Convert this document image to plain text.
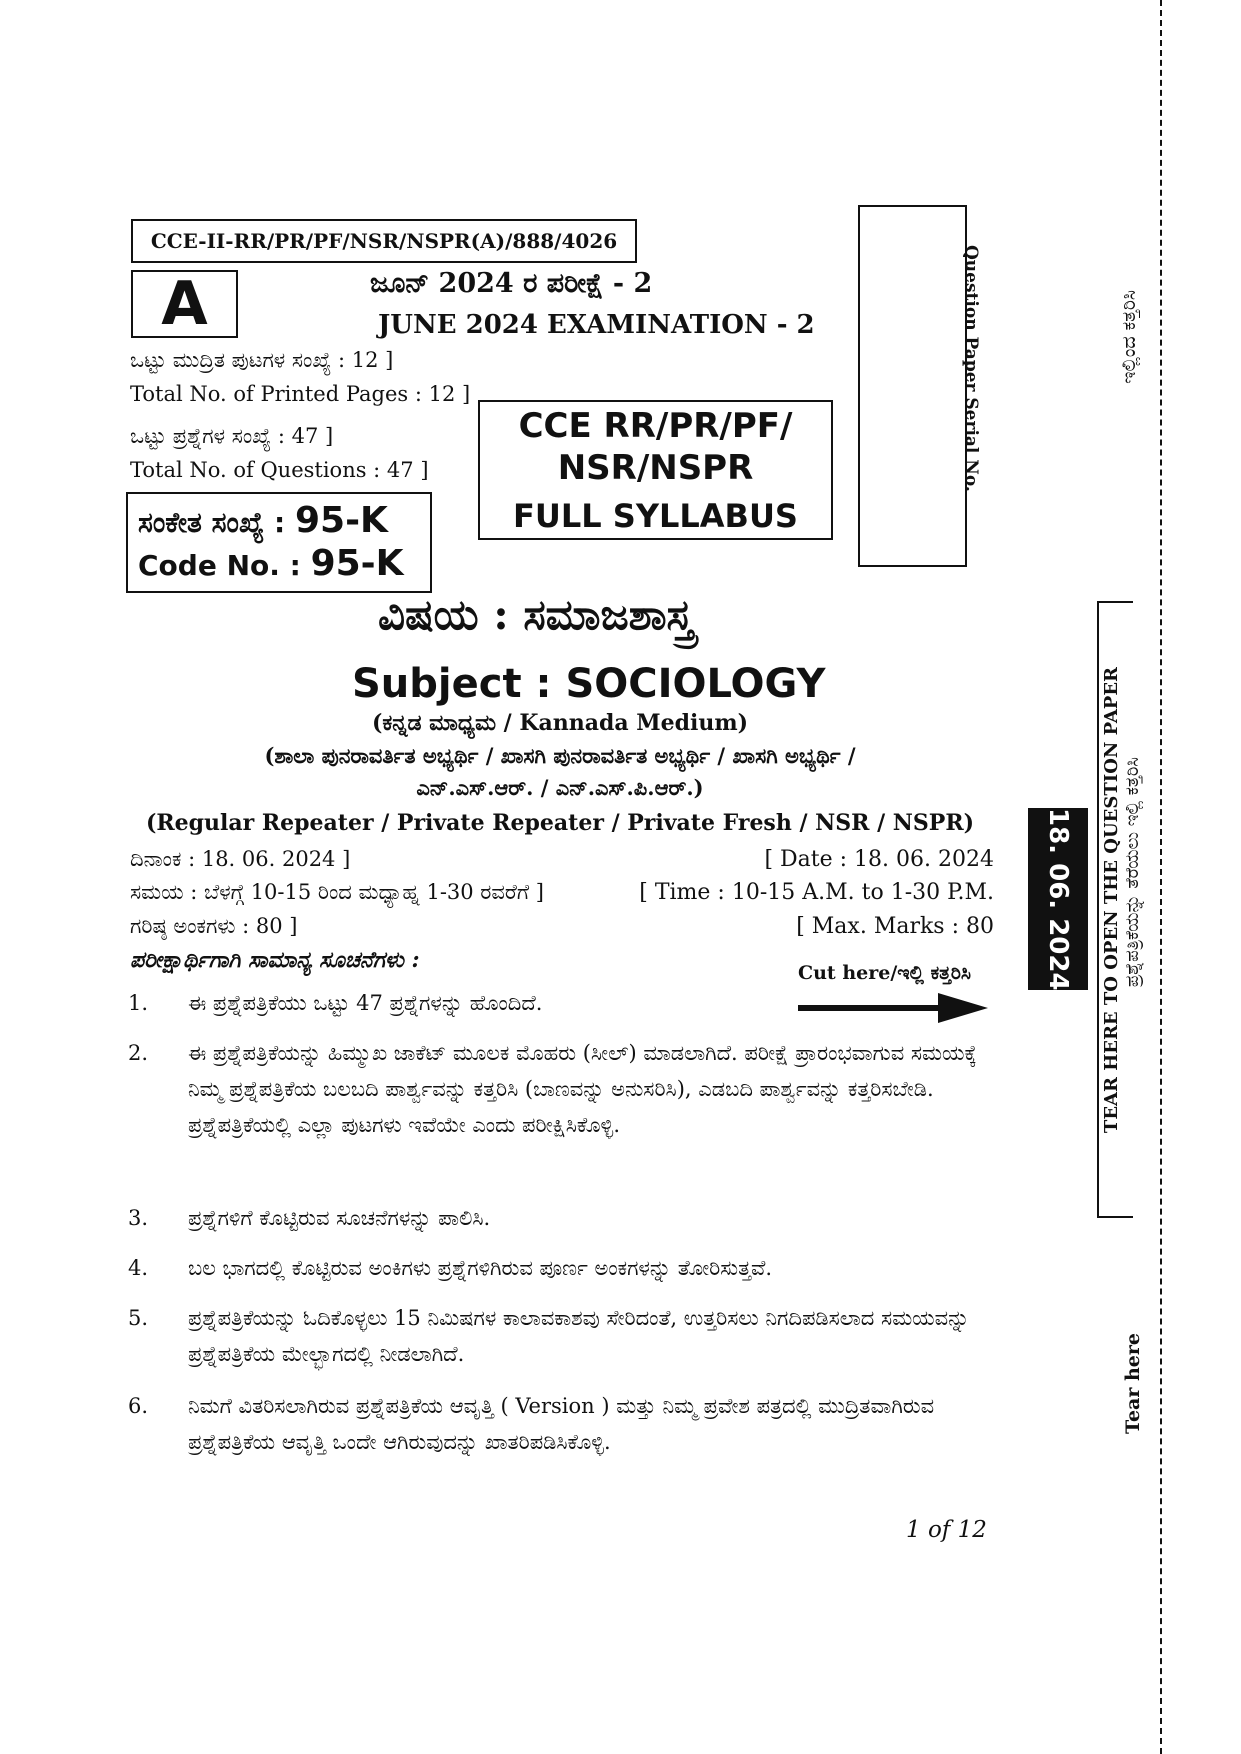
CCE-II-RR/PR/PF/NSR/NSPR(A)/888/4026
A	ಜೂನ್ 2024 ರ ಪರೀಕ್ಷೆ - 2
JUNE 2024 EXAMINATION - 2
ಒಟ್ಟು ಮುದ್ರಿತ ಪುಟಗಳ ಸಂಖ್ಯೆ : 12 ]
Total No. of Printed Pages : 12 ]
ಒಟ್ಟು ಪ್ರಶ್ನೆಗಳ ಸಂಖ್ಯೆ : 47 ]
Total No. of Questions : 47 ]
CCE RR/PR/PF/
NSR/NSPR
FULL SYLLABUS
ಸಂಕೇತ ಸಂಖ್ಯೆ : 95-K
Code No. : 95-K
Question Paper Serial No.	ಇಲ್ಲಿಂದ ಕತ್ತರಿಸಿ
TEAR HERE TO OPEN THE QUESTION PAPER ಪ್ರಶ್ನೆಪತ್ರಿಕೆಯನ್ನು ತೆರೆಯಲು ಇಲ್ಲಿ ಕತ್ತರಿಸಿ
18. 06. 2024
Tear here
ವಿಷಯ : ಸಮಾಜಶಾಸ್ತ್ರ
Subject : SOCIOLOGY
(ಕನ್ನಡ ಮಾಧ್ಯಮ / Kannada Medium)
(ಶಾಲಾ ಪುನರಾವರ್ತಿತ ಅಭ್ಯರ್ಥಿ / ಖಾಸಗಿ ಪುನರಾವರ್ತಿತ ಅಭ್ಯರ್ಥಿ / ಖಾಸಗಿ ಅಭ್ಯರ್ಥಿ /
ಎನ್.ಎಸ್.ಆರ್. / ಎನ್.ಎಸ್.ಪಿ.ಆರ್.)
(Regular Repeater / Private Repeater / Private Fresh / NSR / NSPR)
ದಿನಾಂಕ : 18. 06. 2024 ]	[ Date : 18. 06. 2024
ಸಮಯ : ಬೆಳಗ್ಗೆ 10-15 ರಿಂದ ಮಧ್ಯಾಹ್ನ 1-30 ರವರೆಗೆ ]	[ Time : 10-15 A.M. to 1-30 P.M.
ಗರಿಷ್ಠ ಅಂಕಗಳು : 80 ]	[ Max. Marks : 80
ಪರೀಕ್ಷಾರ್ಥಿಗಾಗಿ ಸಾಮಾನ್ಯ ಸೂಚನೆಗಳು :	Cut here/ಇಲ್ಲಿ ಕತ್ತರಿಸಿ
1. ಈ ಪ್ರಶ್ನೆಪತ್ರಿಕೆಯು ಒಟ್ಟು 47 ಪ್ರಶ್ನೆಗಳನ್ನು ಹೊಂದಿದೆ.
2. ಈ ಪ್ರಶ್ನೆಪತ್ರಿಕೆಯನ್ನು ಹಿಮ್ಮುಖ ಜಾಕೆಟ್ ಮೂಲಕ ಮೊಹರು (ಸೀಲ್) ಮಾಡಲಾಗಿದೆ. ಪರೀಕ್ಷೆ ಪ್ರಾರಂಭವಾಗುವ ಸಮಯಕ್ಕೆ ನಿಮ್ಮ ಪ್ರಶ್ನೆಪತ್ರಿಕೆಯ ಬಲಬದಿ ಪಾರ್ಶ್ವವನ್ನು ಕತ್ತರಿಸಿ (ಬಾಣವನ್ನು ಅನುಸರಿಸಿ), ಎಡಬದಿ ಪಾರ್ಶ್ವವನ್ನು ಕತ್ತರಿಸಬೇಡಿ. ಪ್ರಶ್ನೆಪತ್ರಿಕೆಯಲ್ಲಿ ಎಲ್ಲಾ ಪುಟಗಳು ಇವೆಯೇ ಎಂದು ಪರೀಕ್ಷಿಸಿಕೊಳ್ಳಿ.
3. ಪ್ರಶ್ನೆಗಳಿಗೆ ಕೊಟ್ಟಿರುವ ಸೂಚನೆಗಳನ್ನು ಪಾಲಿಸಿ.
4. ಬಲ ಭಾಗದಲ್ಲಿ ಕೊಟ್ಟಿರುವ ಅಂಕಿಗಳು ಪ್ರಶ್ನೆಗಳಿಗಿರುವ ಪೂರ್ಣ ಅಂಕಗಳನ್ನು ತೋರಿಸುತ್ತವೆ.
5. ಪ್ರಶ್ನೆಪತ್ರಿಕೆಯನ್ನು ಓದಿಕೊಳ್ಳಲು 15 ನಿಮಿಷಗಳ ಕಾಲಾವಕಾಶವು ಸೇರಿದಂತೆ, ಉತ್ತರಿಸಲು ನಿಗದಿಪಡಿಸಲಾದ ಸಮಯವನ್ನು ಪ್ರಶ್ನೆಪತ್ರಿಕೆಯ ಮೇಲ್ಭಾಗದಲ್ಲಿ ನೀಡಲಾಗಿದೆ.
6. ನಿಮಗೆ ವಿತರಿಸಲಾಗಿರುವ ಪ್ರಶ್ನೆಪತ್ರಿಕೆಯ ಆವೃತ್ತಿ ( Version ) ಮತ್ತು ನಿಮ್ಮ ಪ್ರವೇಶ ಪತ್ರದಲ್ಲಿ ಮುದ್ರಿತವಾಗಿರುವ ಪ್ರಶ್ನೆಪತ್ರಿಕೆಯ ಆವೃತ್ತಿ ಒಂದೇ ಆಗಿರುವುದನ್ನು ಖಾತರಿಪಡಿಸಿಕೊಳ್ಳಿ.
1 of 12
